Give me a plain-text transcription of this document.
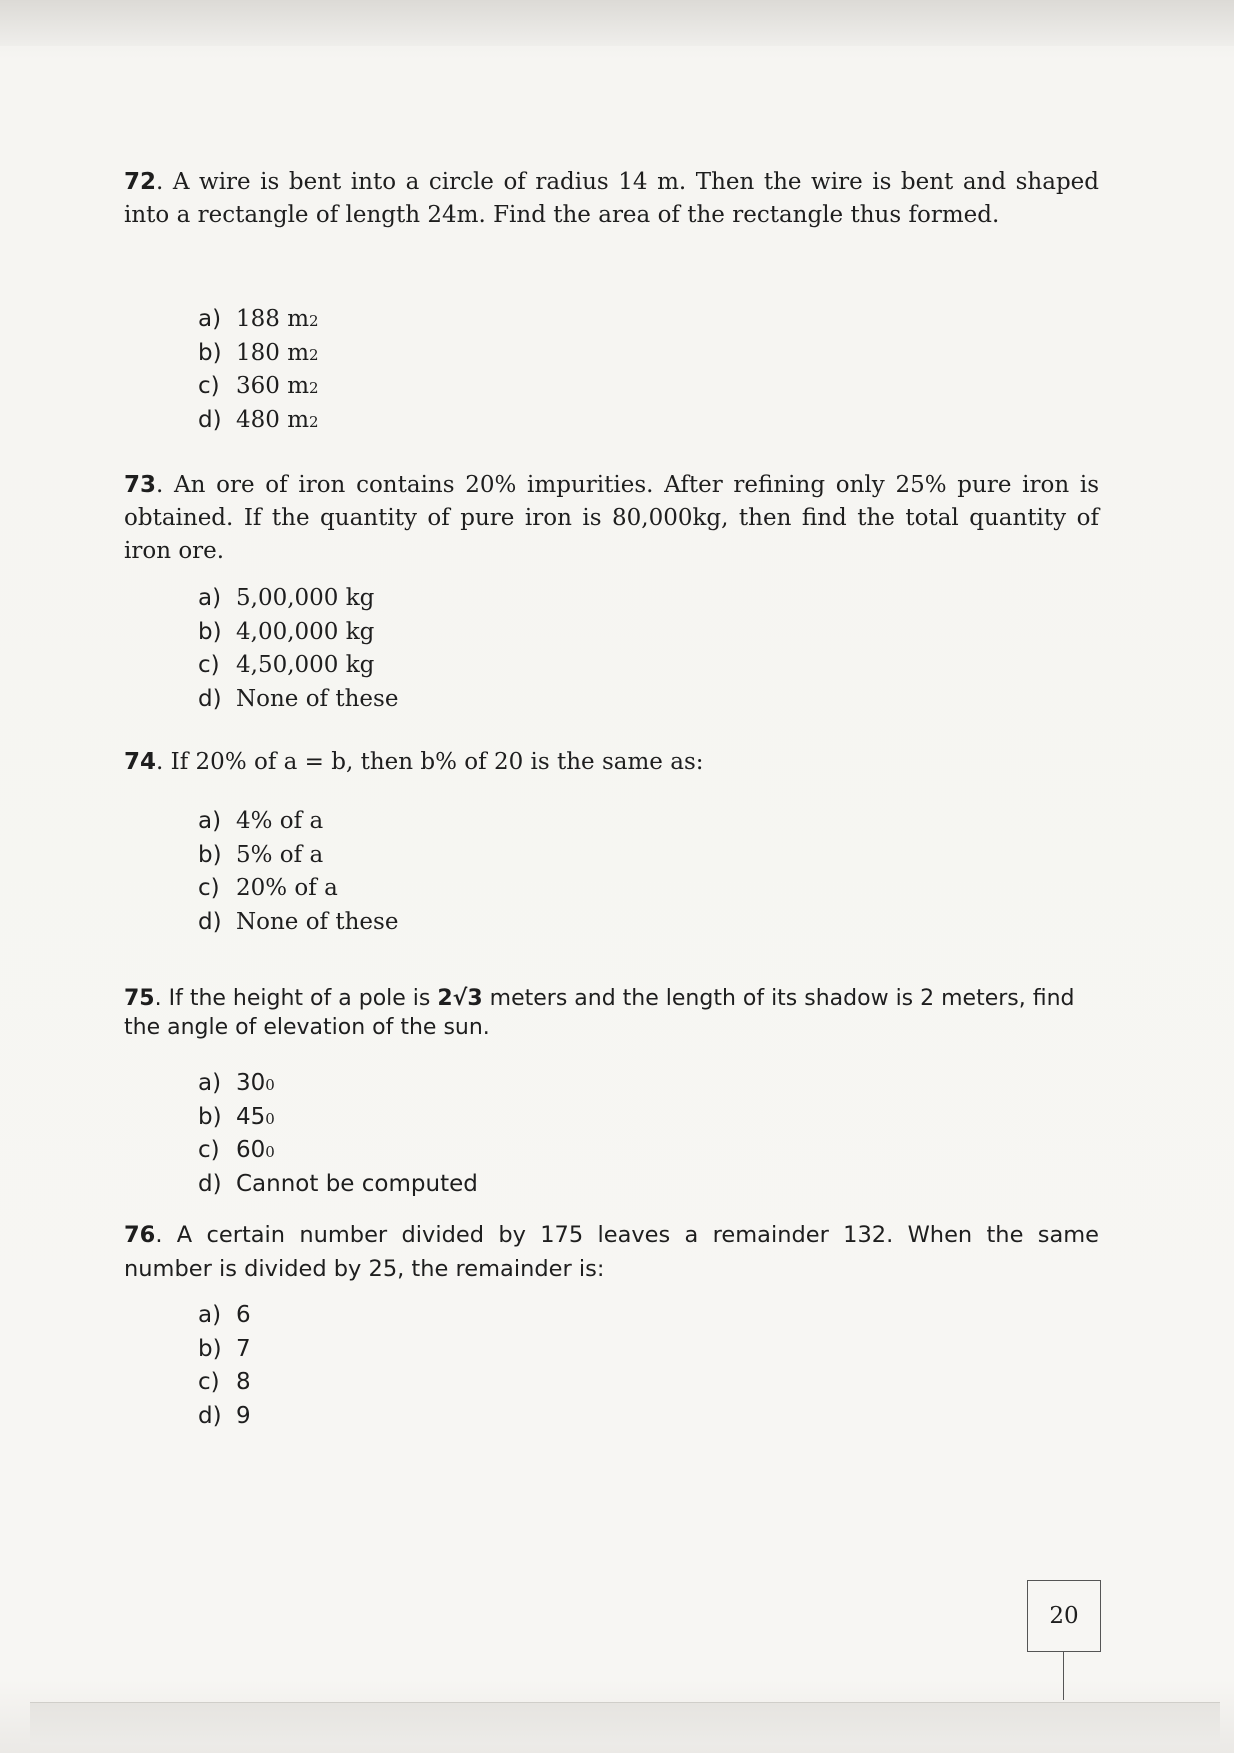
72. A wire is bent into a circle of radius 14 m. Then the wire is bent and shaped into a rectangle of length 24m. Find the area of the rectangle thus formed.
a) 188 m 2
b) 180 m 2
c) 360 m 2
d) 480 m 2
73. An ore of iron contains 20% impurities. After refining only 25% pure iron is obtained. If the quantity of pure iron is 80,000kg, then find the total quantity of iron ore.
a) 5,00,000 kg
b) 4,00,000 kg
c) 4,50,000 kg
d) None of these
74. If 20% of a = b, then b% of 20 is the same as:
a) 4% of a
b) 5% of a
c) 20% of a
d) None of these
75. If the height of a pole is 2√3 meters and the length of its shadow is 2 meters, find the angle of elevation of the sun.
a) 30 0
b) 45 0
c) 60 0
d) Cannot be computed
76. A certain number divided by 175 leaves a remainder 132. When the same number is divided by 25, the remainder is:
a) 6
b) 7
c) 8
d) 9
20
